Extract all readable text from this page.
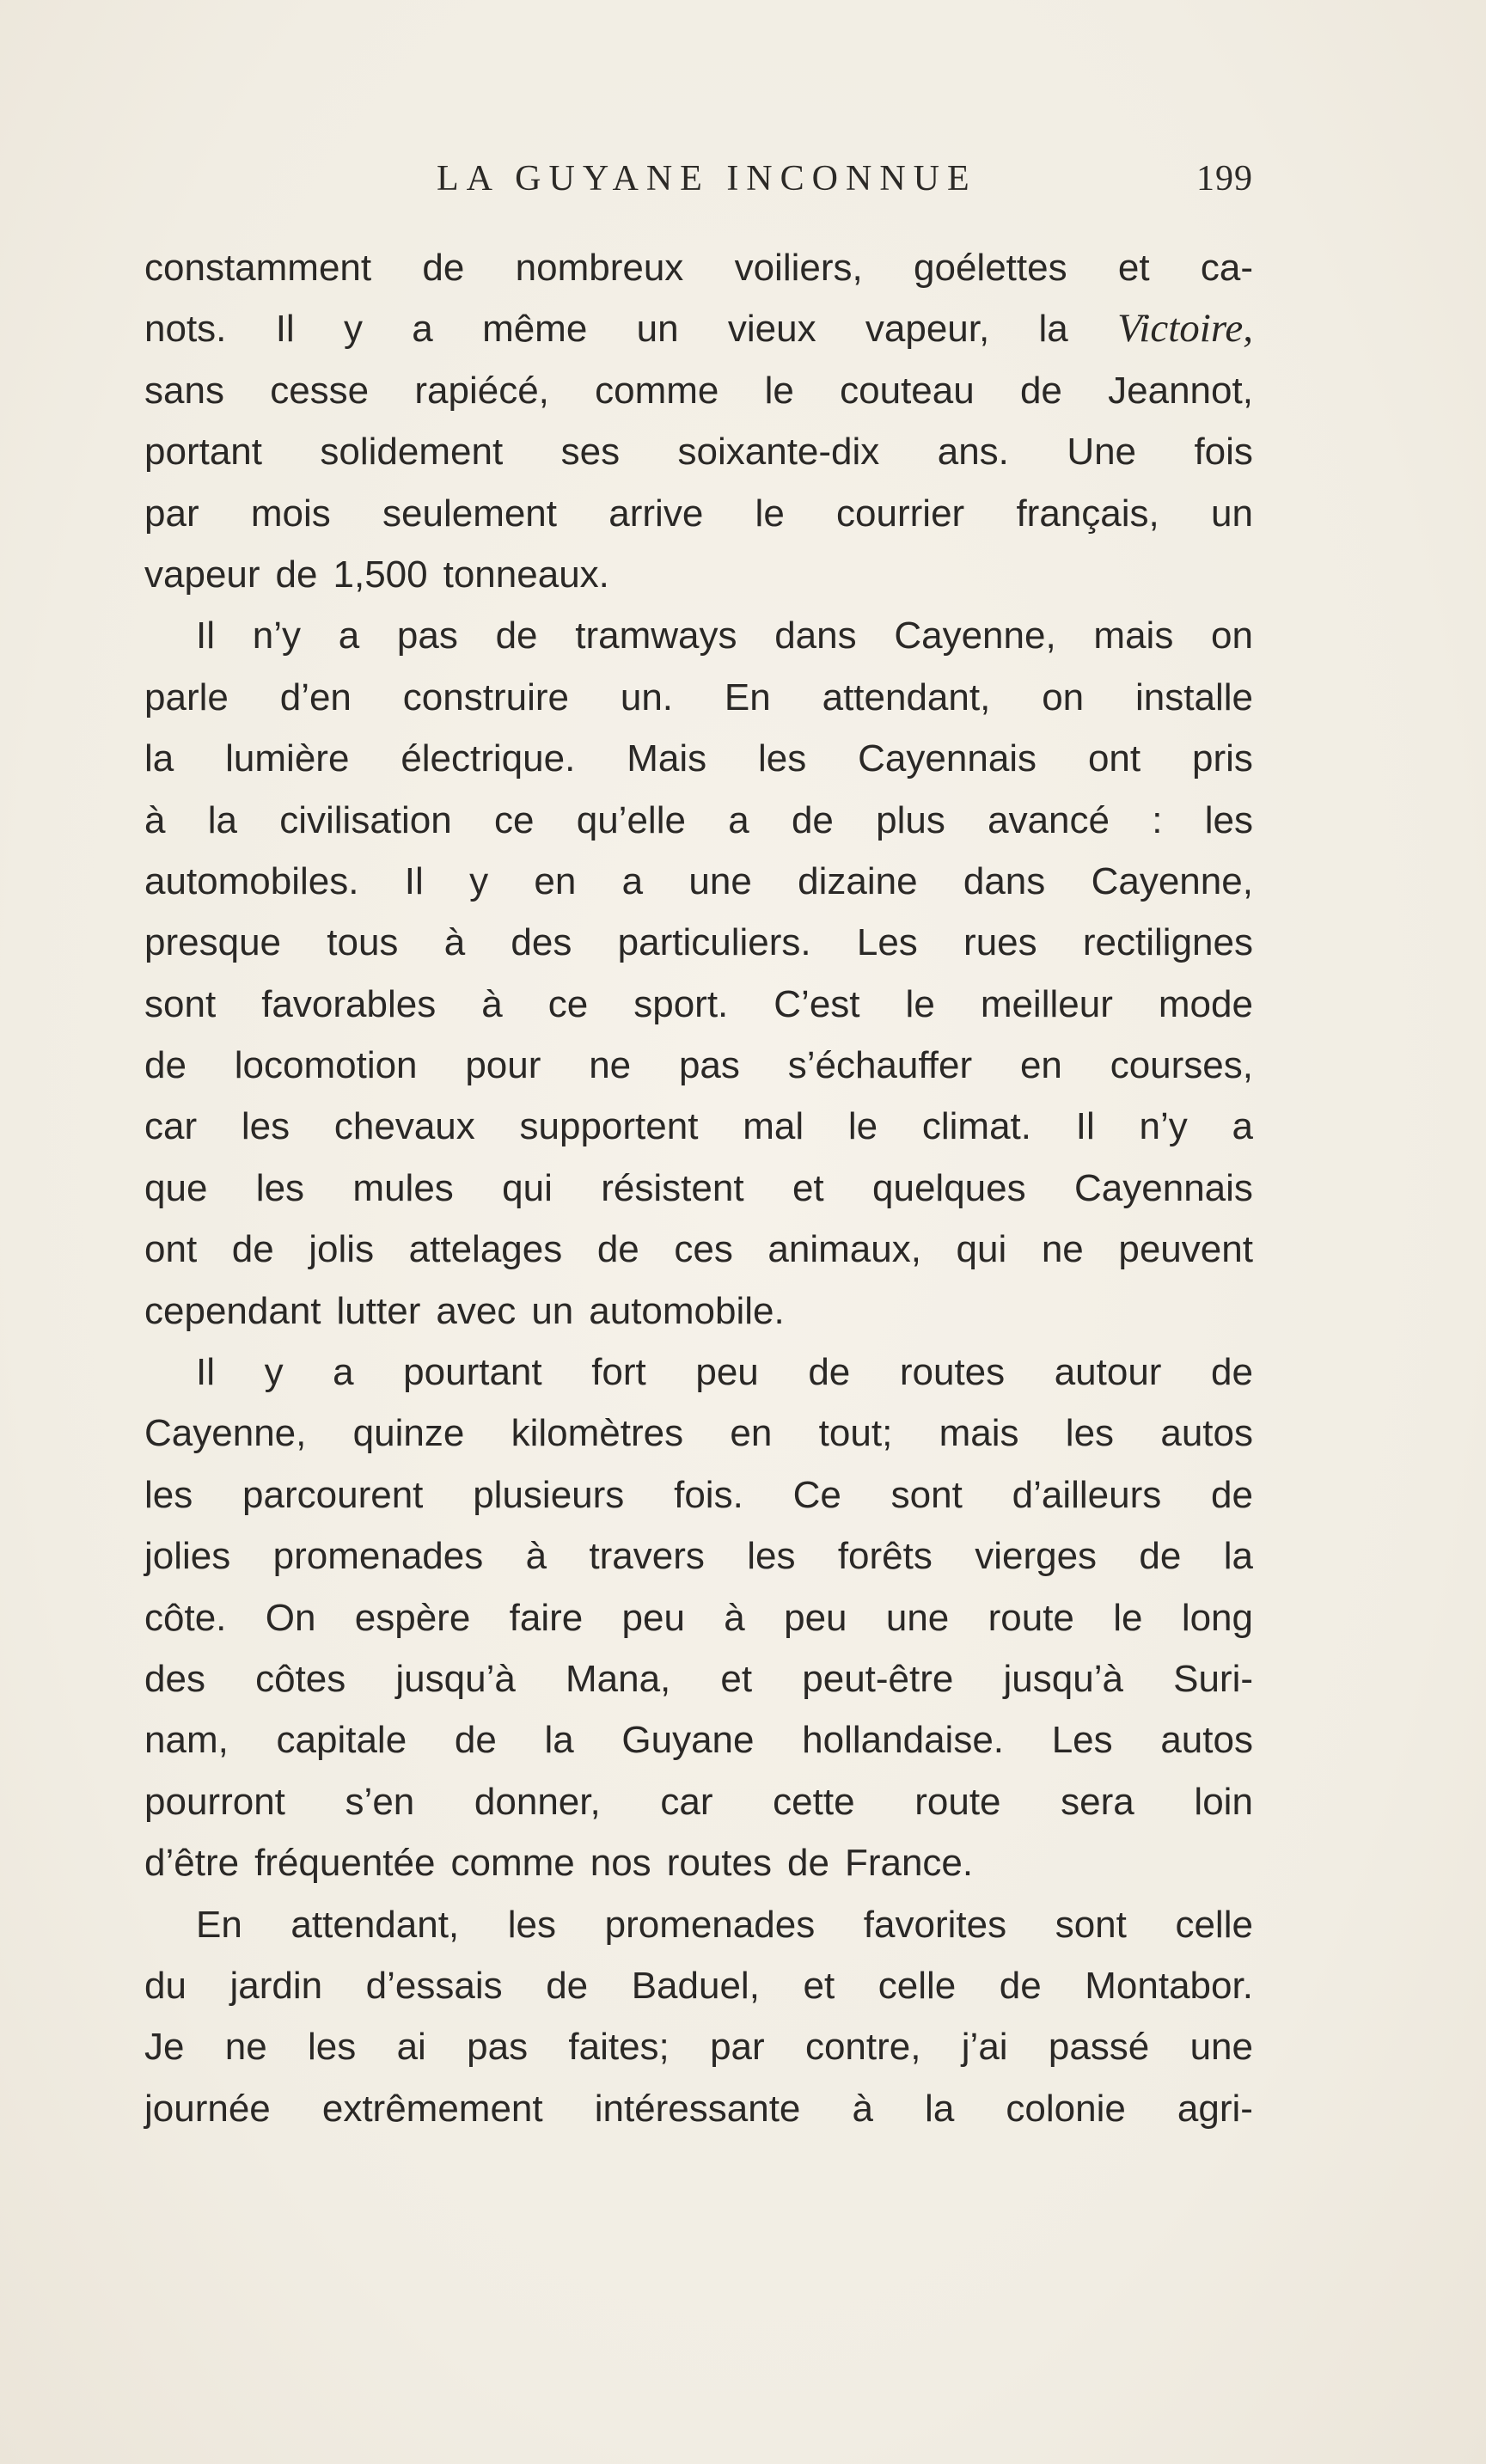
LA GUYANE INCONNUE	199
constamment de nombreux voiliers, goélettes et ca-
nots. Il y a même un vieux vapeur, la Victoire,
sans cesse rapiécé, comme le couteau de Jeannot,
portant solidement ses soixante-dix ans. Une fois
par mois seulement arrive le courrier français, un
vapeur de 1,500 tonneaux.
Il n’y a pas de tramways dans Cayenne, mais on
parle d’en construire un. En attendant, on installe
la lumière électrique. Mais les Cayennais ont pris
à la civilisation ce qu’elle a de plus avancé : les
automobiles. Il y en a une dizaine dans Cayenne,
presque tous à des particuliers. Les rues rectilignes
sont favorables à ce sport. C’est le meilleur mode
de locomotion pour ne pas s’échauffer en courses,
car les chevaux supportent mal le climat. Il n’y a
que les mules qui résistent et quelques Cayennais
ont de jolis attelages de ces animaux, qui ne peuvent
cependant lutter avec un automobile.
Il y a pourtant fort peu de routes autour de
Cayenne, quinze kilomètres en tout; mais les autos
les parcourent plusieurs fois. Ce sont d’ailleurs de
jolies promenades à travers les forêts vierges de la
côte. On espère faire peu à peu une route le long
des côtes jusqu’à Mana, et peut-être jusqu’à Suri-
nam, capitale de la Guyane hollandaise. Les autos
pourront s’en donner, car cette route sera loin
d’être fréquentée comme nos routes de France.
En attendant, les promenades favorites sont celle
du jardin d’essais de Baduel, et celle de Montabor.
Je ne les ai pas faites; par contre, j’ai passé une
journée extrêmement intéressante à la colonie agri-
